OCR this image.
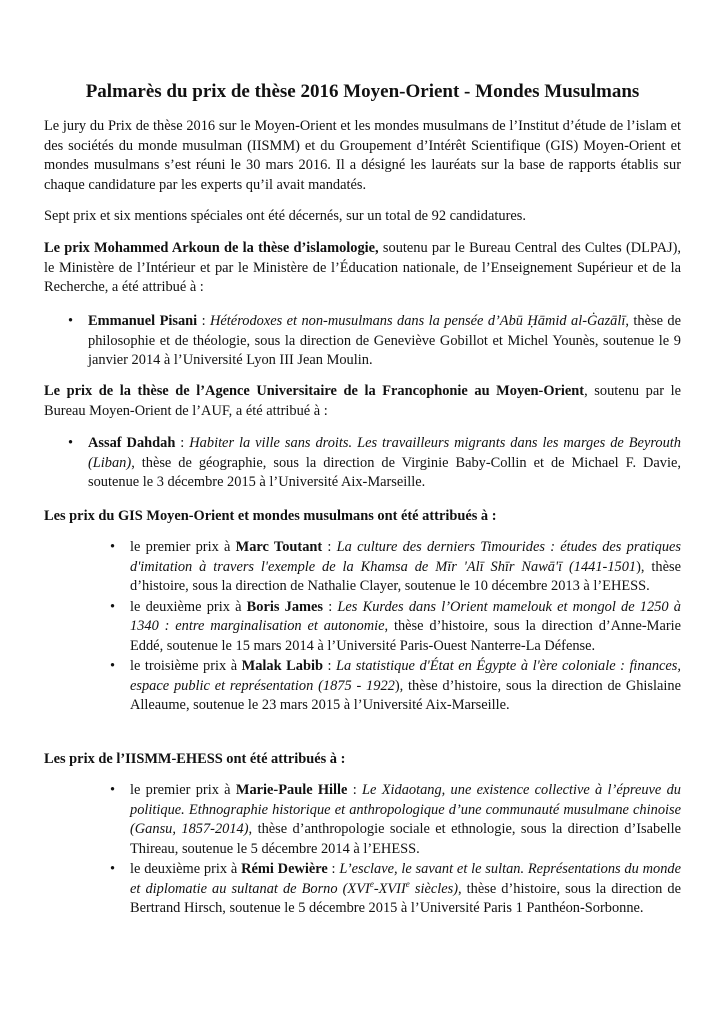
Palmarès du prix de thèse 2016 Moyen-Orient - Mondes Musulmans

Le jury du Prix de thèse 2016 sur le Moyen-Orient et les mondes musulmans de l’Institut d’étude de l’islam et des sociétés du monde musulman (IISMM) et du Groupement d’Intérêt Scientifique (GIS) Moyen-Orient et mondes musulmans s’est réuni le 30 mars 2016. Il a désigné les lauréats sur la base de rapports établis sur chaque candidature par les experts qu’il avait mandatés.

Sept prix et six mentions spéciales ont été décernés, sur un total de 92 candidatures.

Le prix Mohammed Arkoun de la thèse d’islamologie, soutenu par le Bureau Central des Cultes (DLPAJ), le Ministère de l’Intérieur et par le Ministère de l’Éducation nationale, de l’Enseignement Supérieur et de la Recherche, a été attribué à :

• Emmanuel Pisani : Hétérodoxes et non-musulmans dans la pensée d’Abū Ḥāmid al-Ġazālī, thèse de philosophie et de théologie, sous la direction de Geneviève Gobillot et Michel Younès, soutenue le 9 janvier 2014 à l’Université Lyon III Jean Moulin.

Le prix de la thèse de l’Agence Universitaire de la Francophonie au Moyen-Orient, soutenu par le Bureau Moyen-Orient de l’AUF, a été attribué à :

• Assaf Dahdah : Habiter la ville sans droits. Les travailleurs migrants dans les marges de Beyrouth (Liban), thèse de géographie, sous la direction de Virginie Baby-Collin et de Michael F. Davie, soutenue le 3 décembre 2015 à l’Université Aix-Marseille.

Les prix du GIS Moyen-Orient et mondes musulmans ont été attribués à :

• le premier prix à Marc Toutant : La culture des derniers Timourides : études des pratiques d'imitation à travers l'exemple de la Khamsa de Mīr 'Alī Shīr Nawā'ī (1441-1501), thèse d’histoire, sous la direction de Nathalie Clayer, soutenue le 10 décembre 2013 à l’EHESS.
• le deuxième prix à Boris James : Les Kurdes dans l’Orient mamelouk et mongol de 1250 à 1340 : entre marginalisation et autonomie, thèse d’histoire, sous la direction d’Anne-Marie Eddé, soutenue le 15 mars 2014 à l’Université Paris-Ouest Nanterre-La Défense.
• le troisième prix à Malak Labib : La statistique d'État en Égypte à l'ère coloniale : finances, espace public et représentation (1875 - 1922), thèse d’histoire, sous la direction de Ghislaine Alleaume, soutenue le 23 mars 2015 à l’Université Aix-Marseille.

Les prix de l’IISMM-EHESS ont été attribués à :

• le premier prix à Marie-Paule Hille : Le Xidaotang, une existence collective à l’épreuve du politique. Ethnographie historique et anthropologique d’une communauté musulmane chinoise (Gansu, 1857-2014), thèse d’anthropologie sociale et ethnologie, sous la direction d’Isabelle Thireau, soutenue le 5 décembre 2014 à l’EHESS.
• le deuxième prix à Rémi Dewière : L’esclave, le savant et le sultan. Représentations du monde et diplomatie au sultanat de Borno (XVIe-XVIIe siècles), thèse d’histoire, sous la direction de Bertrand Hirsch, soutenue le 5 décembre 2015 à l’Université Paris 1 Panthéon-Sorbonne.
